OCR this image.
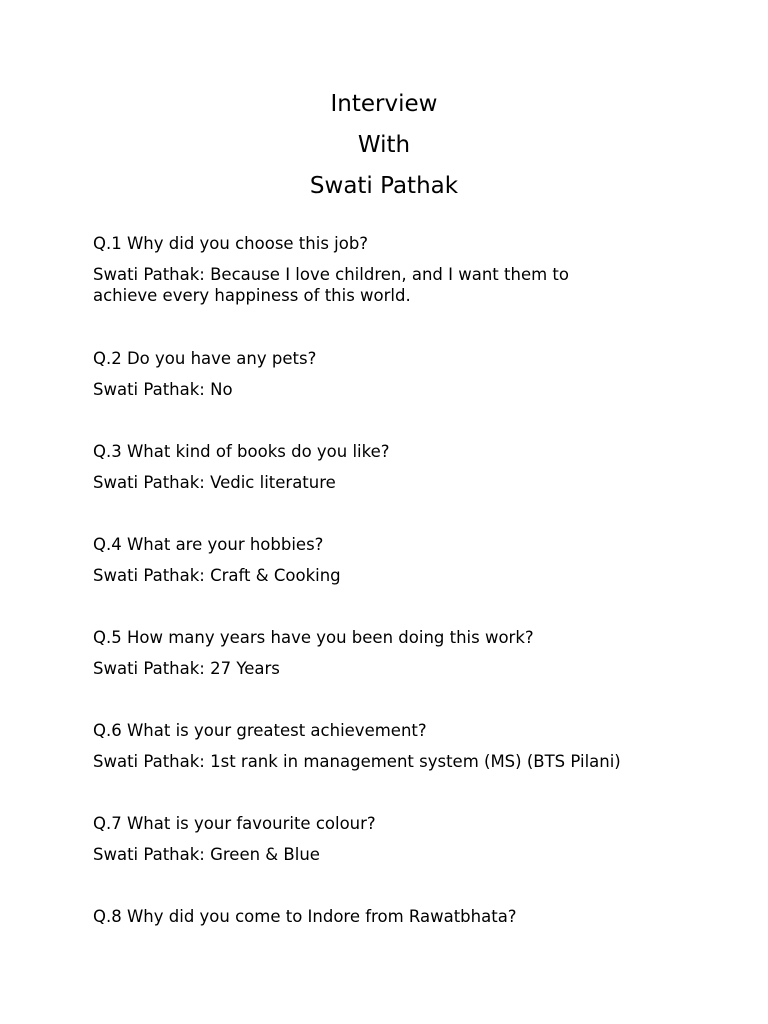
Interview
With
Swati Pathak
Q.1 Why did you choose this job?
Swati Pathak: Because I love children, and I want them to achieve every happiness of this world.
Q.2 Do you have any pets?
Swati Pathak: No
Q.3 What kind of books do you like?
Swati Pathak: Vedic literature
Q.4 What are your hobbies?
Swati Pathak: Craft & Cooking
Q.5 How many years have you been doing this work?
Swati Pathak: 27 Years
Q.6 What is your greatest achievement?
Swati Pathak: 1st rank in management system (MS) (BTS Pilani)
Q.7 What is your favourite colour?
Swati Pathak: Green & Blue
Q.8 Why did you come to Indore from Rawatbhata?
